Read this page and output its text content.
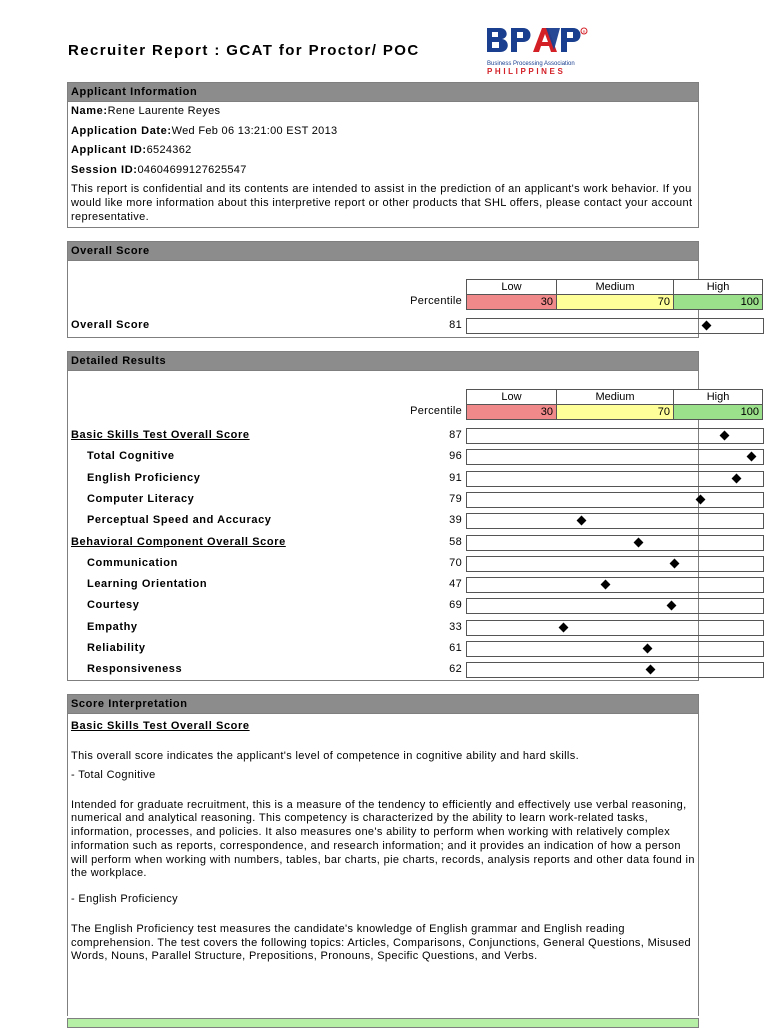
Recruiter Report : GCAT for Proctor/ POC
R
Business Processing Association
PHILIPPINES
Applicant Information
Name:Rene Laurente Reyes
Application Date:Wed Feb 06 13:21:00 EST 2013
Applicant ID:6524362
Session ID:04604699127625547
This report is confidential and its contents are intended to assist in the prediction of an applicant's work behavior. If you would like more information about this interpretive report or other products that SHL offers, please contact your account representative.
Overall Score
Percentile
Low	Medium	High
30	70	100
Overall Score	81
Detailed Results
Percentile
Low	Medium	High
30	70	100
Basic Skills Test Overall Score	87
Total Cognitive	96
English Proficiency	91
Computer Literacy	79
Perceptual Speed and Accuracy	39
Behavioral Component Overall Score	58
Communication	70
Learning Orientation	47
Courtesy	69
Empathy	33
Reliability	61
Responsiveness	62
Score Interpretation
Basic Skills Test Overall Score
This overall score indicates the applicant's level of competence in cognitive ability and hard skills.
- Total Cognitive
Intended for graduate recruitment, this is a measure of the tendency to efficiently and effectively use verbal reasoning, numerical and analytical reasoning. This competency is characterized by the ability to learn work-related tasks, information, processes, and policies. It also measures one's ability to perform when working with relatively complex information such as reports, correspondence, and research information; and it provides an indication of how a person will perform when working with numbers, tables, bar charts, pie charts, records, analysis reports and other data found in the workplace.
- English Proficiency
The English Proficiency test measures the candidate's knowledge of English grammar and English reading comprehension. The test covers the following topics: Articles, Comparisons, Conjunctions, General Questions, Misused Words, Nouns, Parallel Structure, Prepositions, Pronouns, Specific Questions, and Verbs.
